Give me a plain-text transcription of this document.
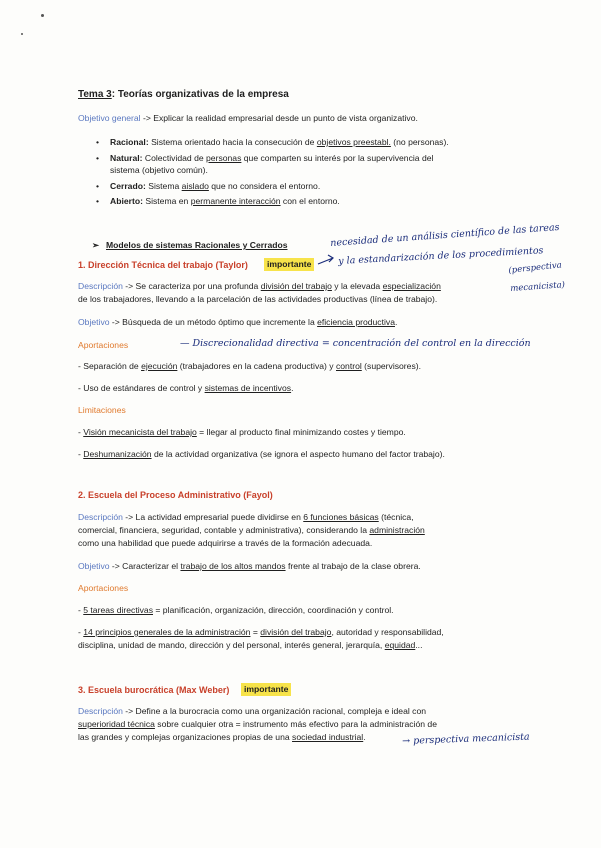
Tema 3: Teorías organizativas de la empresa
Objetivo general -> Explicar la realidad empresarial desde un punto de vista organizativo.
• Racional: Sistema orientado hacia la consecución de objetivos preestabl. (no personas).
• Natural: Colectividad de personas que comparten su interés por la supervivencia del
sistema (objetivo común).
• Cerrado: Sistema aislado que no considera el entorno.
• Abierto: Sistema en permanente interacción con el entorno.
➢ Modelos de sistemas Racionales y Cerrados
1. Dirección Técnica del trabajo (Taylor)	importante
Descripción -> Se caracteriza por una profunda división del trabajo y la elevada especialización
de los trabajadores, llevando a la parcelación de las actividades productivas (línea de trabajo).
Objetivo -> Búsqueda de un método óptimo que incremente la eficiencia productiva.
Aportaciones
- Separación de ejecución (trabajadores en la cadena productiva) y control (supervisores).
- Uso de estándares de control y sistemas de incentivos.
Limitaciones
- Visión mecanicista del trabajo = llegar al producto final minimizando costes y tiempo.
- Deshumanización de la actividad organizativa (se ignora el aspecto humano del factor trabajo).
2. Escuela del Proceso Administrativo (Fayol)
Descripción -> La actividad empresarial puede dividirse en 6 funciones básicas (técnica,
comercial, financiera, seguridad, contable y administrativa), considerando la administración
como una habilidad que puede adquirirse a través de la formación adecuada.
Objetivo -> Caracterizar el trabajo de los altos mandos frente al trabajo de la clase obrera.
Aportaciones
- 5 tareas directivas = planificación, organización, dirección, coordinación y control.
- 14 principios generales de la administración = división del trabajo, autoridad y responsabilidad,
disciplina, unidad de mando, dirección y del personal, interés general, jerarquía, equidad...
3. Escuela burocrática (Max Weber)	importante
Descripción -> Define a la burocracia como una organización racional, compleja e ideal con
superioridad técnica sobre cualquier otra = instrumento más efectivo para la administración de
las grandes y complejas organizaciones propias de una sociedad industrial.
necesidad de un análisis científico de las tareas
y la estandarización de los procedimientos
(perspectiva
mecanicista)
— Discrecionalidad directiva = concentración del control en la dirección
→ perspectiva mecanicista
